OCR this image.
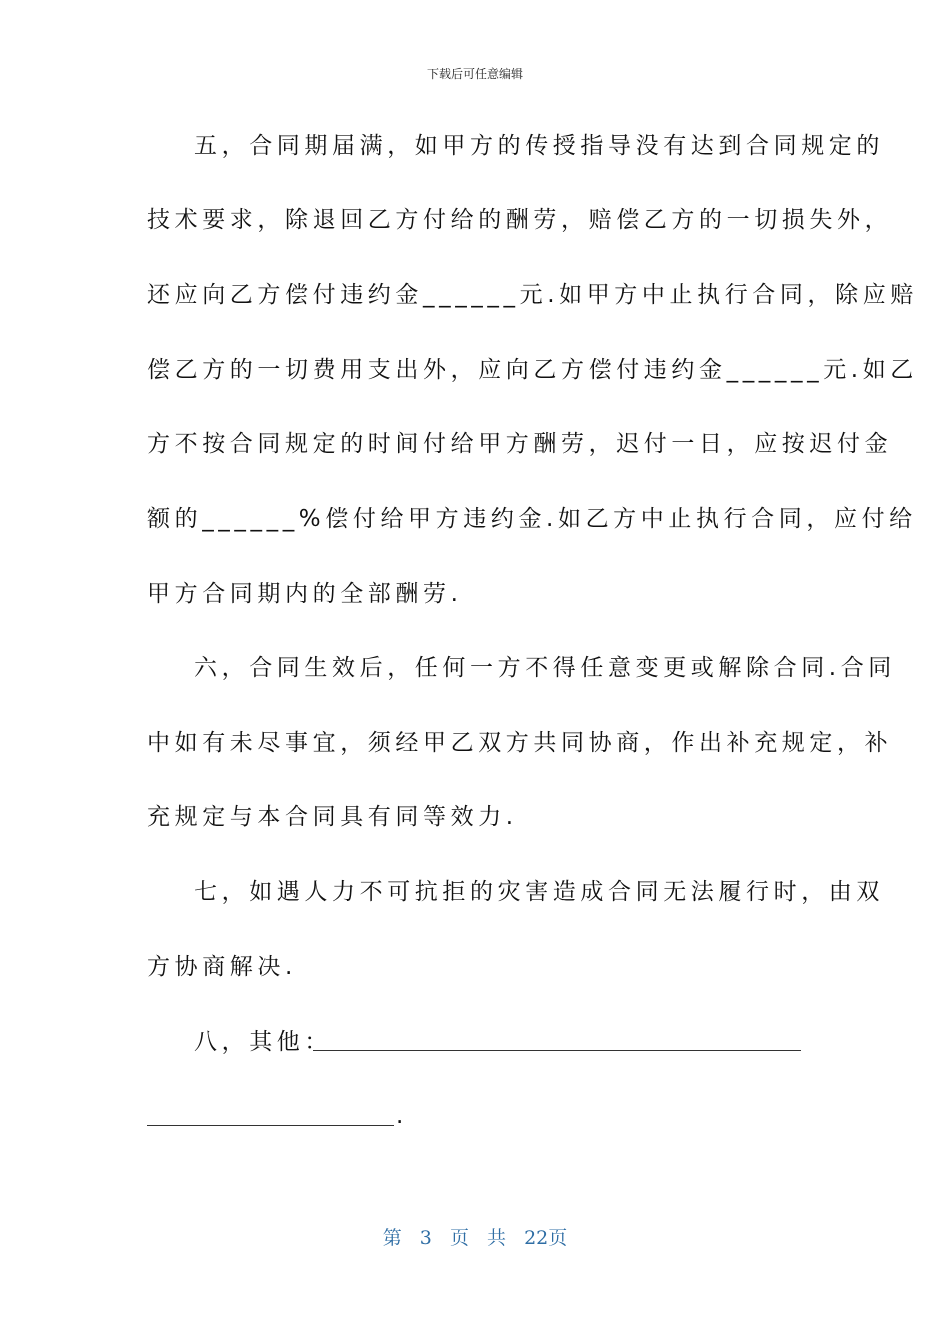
下载后可任意编辑
五，合同期届满，如甲方的传授指导没有达到合同规定的
技术要求，除退回乙方付给的酬劳，赔偿乙方的一切损失外，
还应向乙方偿付违约金______元.如甲方中止执行合同，除应赔
偿乙方的一切费用支出外，应向乙方偿付违约金______元.如乙
方不按合同规定的时间付给甲方酬劳，迟付一日，应按迟付金
额的______%偿付给甲方违约金.如乙方中止执行合同，应付给
甲方合同期内的全部酬劳.
六，合同生效后，任何一方不得任意变更或解除合同.合同
中如有未尽事宜，须经甲乙双方共同协商，作出补充规定，补
充规定与本合同具有同等效力.
七，如遇人力不可抗拒的灾害造成合同无法履行时，由双
方协商解决.
八，其他：
.
第 3 页 共 22页
